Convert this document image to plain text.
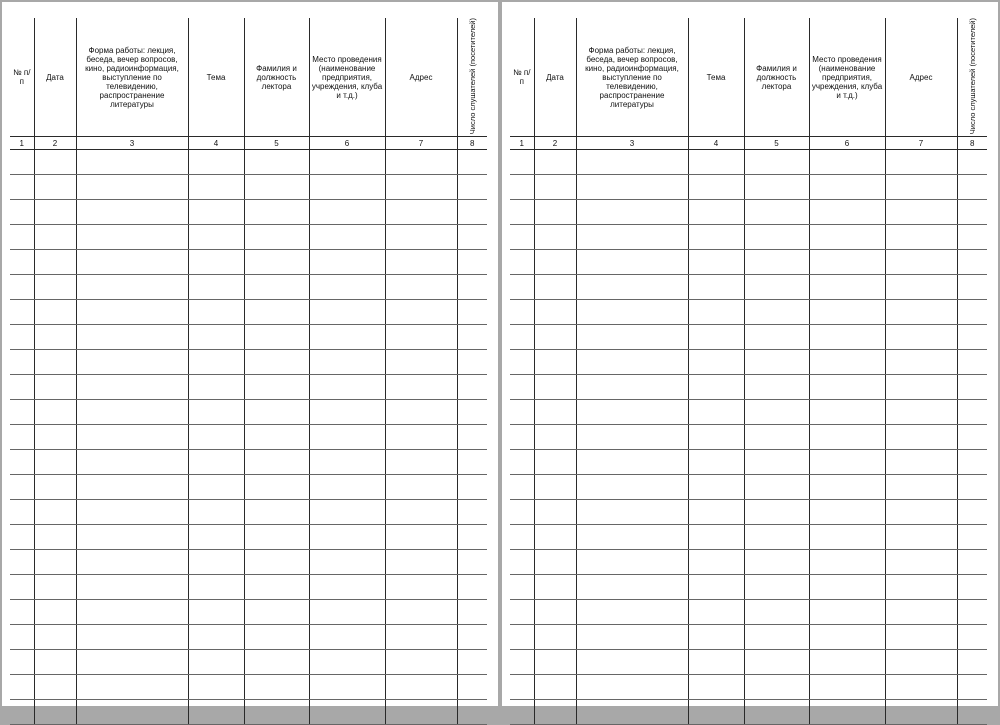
№ п/п	Дата	Форма работы: лекция, беседа, вечер вопросов, кино, радиоинформация, выступление по телевидению, распространение литературы	Тема	Фамилия и должность лектора	Место проведения (наименование предприятия, учреждения, клуба и т.д.)	Адрес	Число слушателей (посетителей)
1	2	3	4	5	6	7	8

№ п/п	Дата	Форма работы: лекция, беседа, вечер вопросов, кино, радиоинформация, выступление по телевидению, распространение литературы	Тема	Фамилия и должность лектора	Место проведения (наименование предприятия, учреждения, клуба и т.д.)	Адрес	Число слушателей (посетителей)
1	2	3	4	5	6	7	8
